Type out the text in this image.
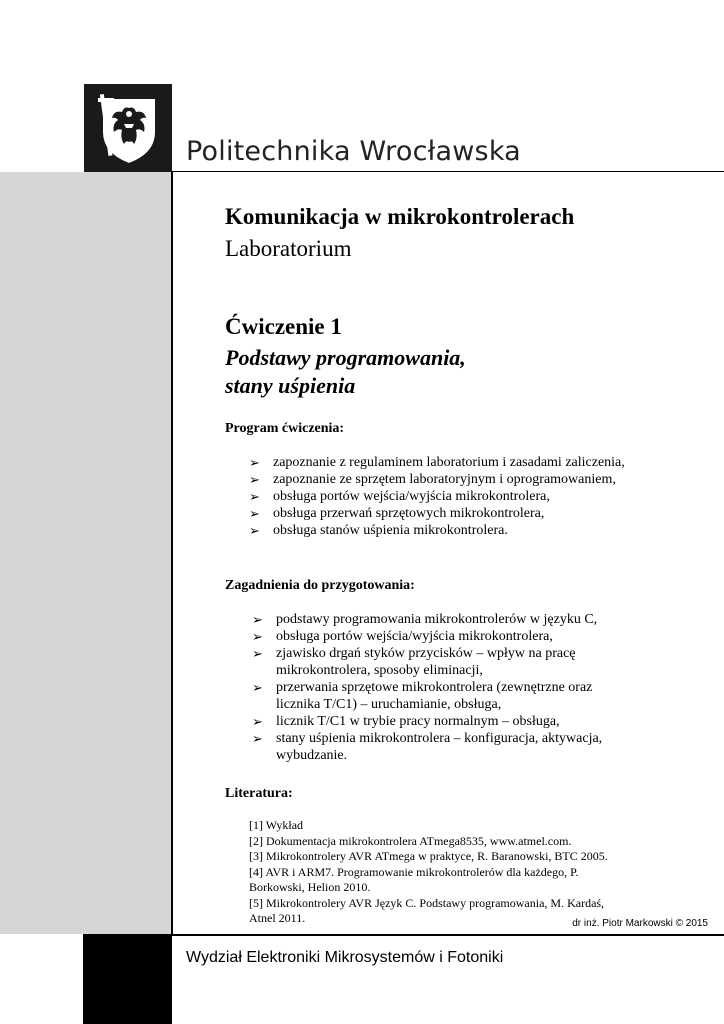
Politechnika Wrocławska
Komunikacja w mikrokontrolerach
Laboratorium
Ćwiczenie 1
Podstawy programowania,
stany uśpienia
Program ćwiczenia:
➢ zapoznanie z regulaminem laboratorium i zasadami zaliczenia,
➢ zapoznanie ze sprzętem laboratoryjnym i oprogramowaniem,
➢ obsługa portów wejścia/wyjścia mikrokontrolera,
➢ obsługa przerwań sprzętowych mikrokontrolera,
➢ obsługa stanów uśpienia mikrokontrolera.
Zagadnienia do przygotowania:
➢ podstawy programowania mikrokontrolerów w języku C,
➢ obsługa portów wejścia/wyjścia mikrokontrolera,
➢ zjawisko drgań styków przycisków – wpływ na pracę mikrokontrolera, sposoby eliminacji,
➢ przerwania sprzętowe mikrokontrolera (zewnętrzne oraz licznika T/C1) – uruchamianie, obsługa,
➢ licznik T/C1 w trybie pracy normalnym – obsługa,
➢ stany uśpienia mikrokontrolera – konfiguracja, aktywacja, wybudzanie.
Literatura:
[1] Wykład
[2] Dokumentacja mikrokontrolera ATmega8535, www.atmel.com.
[3] Mikrokontrolery AVR ATmega w praktyce, R. Baranowski, BTC 2005.
[4] AVR i ARM7. Programowanie mikrokontrolerów dla każdego, P. Borkowski, Helion 2010.
[5] Mikrokontrolery AVR Język C. Podstawy programowania, M. Kardaś, Atnel 2011.	dr inż. Piotr Markowski © 2015
Wydział Elektroniki Mikrosystemów i Fotoniki
